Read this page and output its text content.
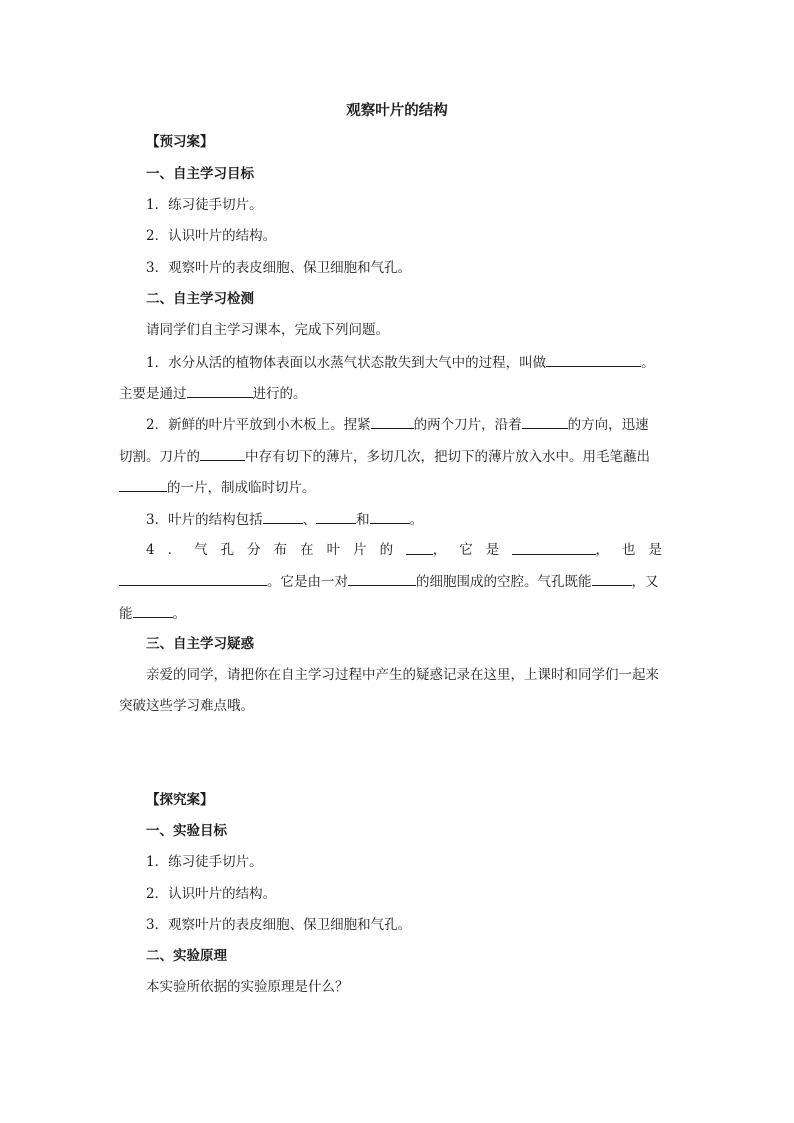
观察叶片的结构
【预习案】
一、自主学习目标
1．练习徒手切片。
2．认识叶片的结构。
3．观察叶片的表皮细胞、保卫细胞和气孔。
二、自主学习检测
请同学们自主学习课本，完成下列问题。
1．水分从活的植物体表面以水蒸气状态散失到大气中的过程，叫做	。
主要是通过	进行的。
2．新鲜的叶片平放到小木板上。捏紧	的两个刀片，沿着	的方向，迅速
切割。刀片的	中存有切下的薄片，多切几次，把切下的薄片放入水中。用毛笔蘸出
的一片，制成临时切片。
3．叶片的结构包括	、	和	。
4．气孔分布在叶片的 ，它是	，也是
。它是由一对	的细胞围成的空腔。气孔既能	，又
能	。
三、自主学习疑惑
亲爱的同学，请把你在自主学习过程中产生的疑惑记录在这里，上课时和同学们一起来
突破这些学习难点哦。
【探究案】
一、实验目标
1．练习徒手切片。
2．认识叶片的结构。
3．观察叶片的表皮细胞、保卫细胞和气孔。
二、实验原理
本实验所依据的实验原理是什么？
